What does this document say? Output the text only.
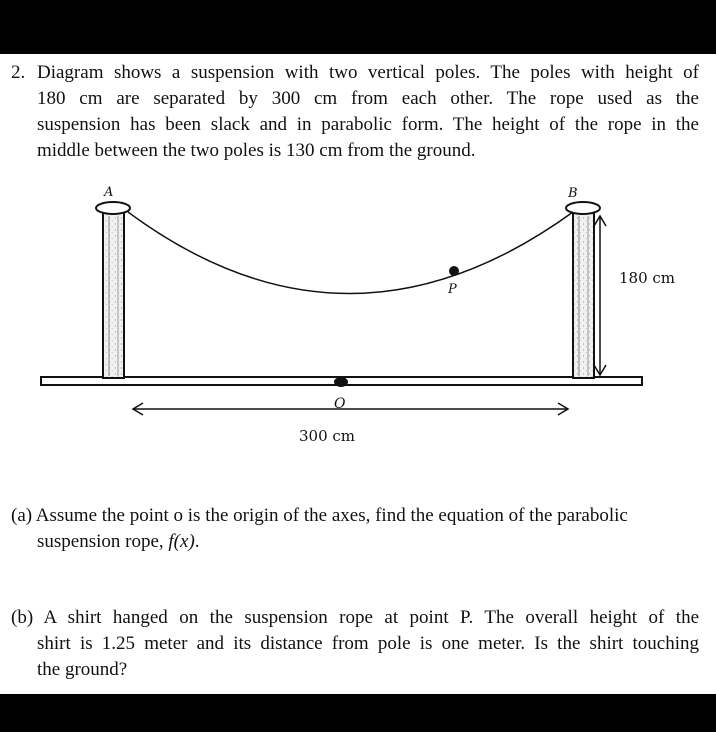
2. Diagram shows a suspension with two vertical poles. The poles with height of
180 cm are separated by 300 cm from each other. The rope used as the
suspension has been slack and in parabolic form. The height of the rope in the
middle between the two poles is 130 cm from the ground.
A	B
P
O
180 cm
300 cm
(a) Assume the point o is the origin of the axes, find the equation of the parabolic
suspension rope, f(x).
(b) A shirt hanged on the suspension rope at point P. The overall height of the
shirt is 1.25 meter and its distance from pole is one meter. Is the shirt touching
the ground?
